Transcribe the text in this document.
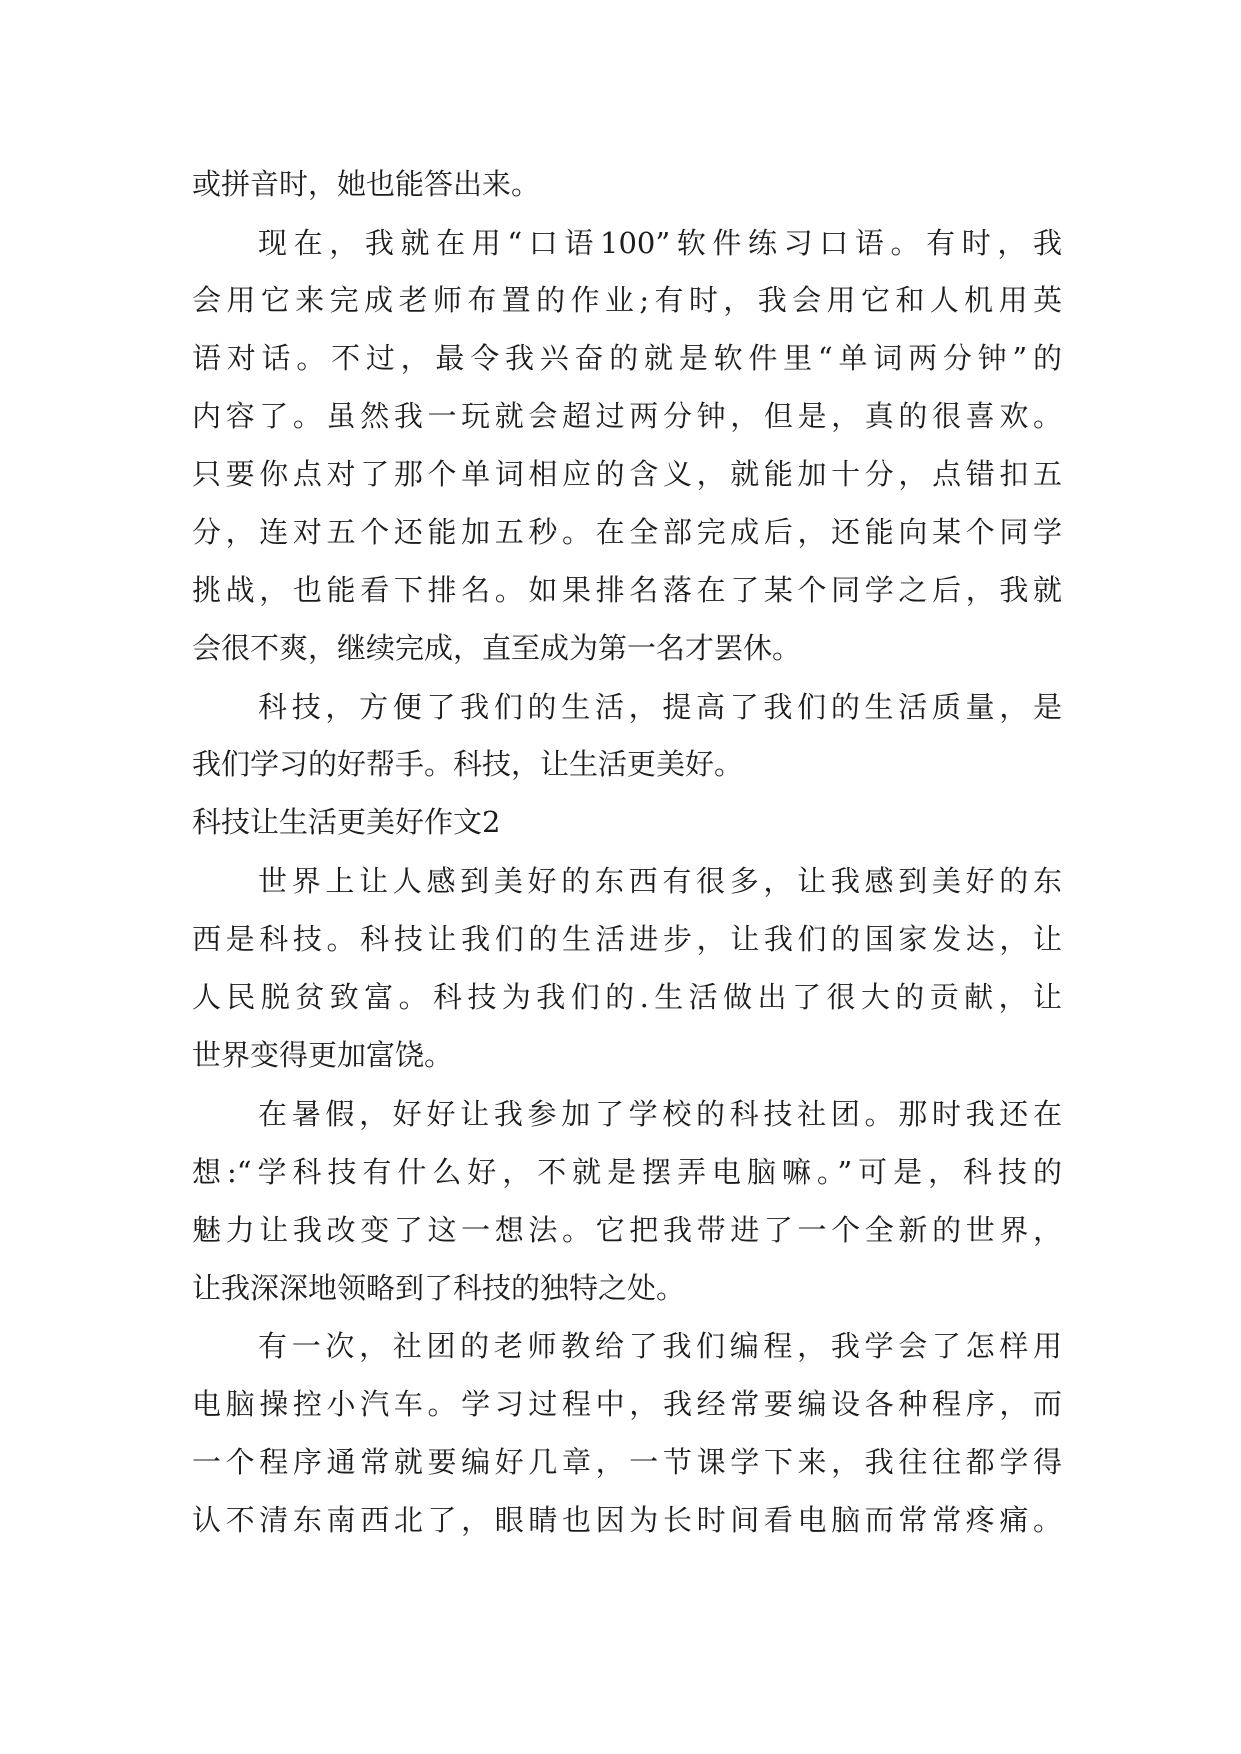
或拼音时，她也能答出来。
现在，我就在用“口语100”软件练习口语。有时，我
会用它来完成老师布置的作业;有时，我会用它和人机用英
语对话。不过，最令我兴奋的就是软件里“单词两分钟”的
内容了。虽然我一玩就会超过两分钟，但是，真的很喜欢。
只要你点对了那个单词相应的含义，就能加十分，点错扣五
分，连对五个还能加五秒。在全部完成后，还能向某个同学
挑战，也能看下排名。如果排名落在了某个同学之后，我就
会很不爽，继续完成，直至成为第一名才罢休。
科技，方便了我们的生活，提高了我们的生活质量，是
我们学习的好帮手。科技，让生活更美好。
科技让生活更美好作文2
世界上让人感到美好的东西有很多，让我感到美好的东
西是科技。科技让我们的生活进步，让我们的国家发达，让
人民脱贫致富。科技为我们的.生活做出了很大的贡献，让
世界变得更加富饶。
在暑假，好好让我参加了学校的科技社团。那时我还在
想:“学科技有什么好，不就是摆弄电脑嘛。”可是，科技的
魅力让我改变了这一想法。它把我带进了一个全新的世界，
让我深深地领略到了科技的独特之处。
有一次，社团的老师教给了我们编程，我学会了怎样用
电脑操控小汽车。学习过程中，我经常要编设各种程序，而
一个程序通常就要编好几章，一节课学下来，我往往都学得
认不清东南西北了，眼睛也因为长时间看电脑而常常疼痛。
